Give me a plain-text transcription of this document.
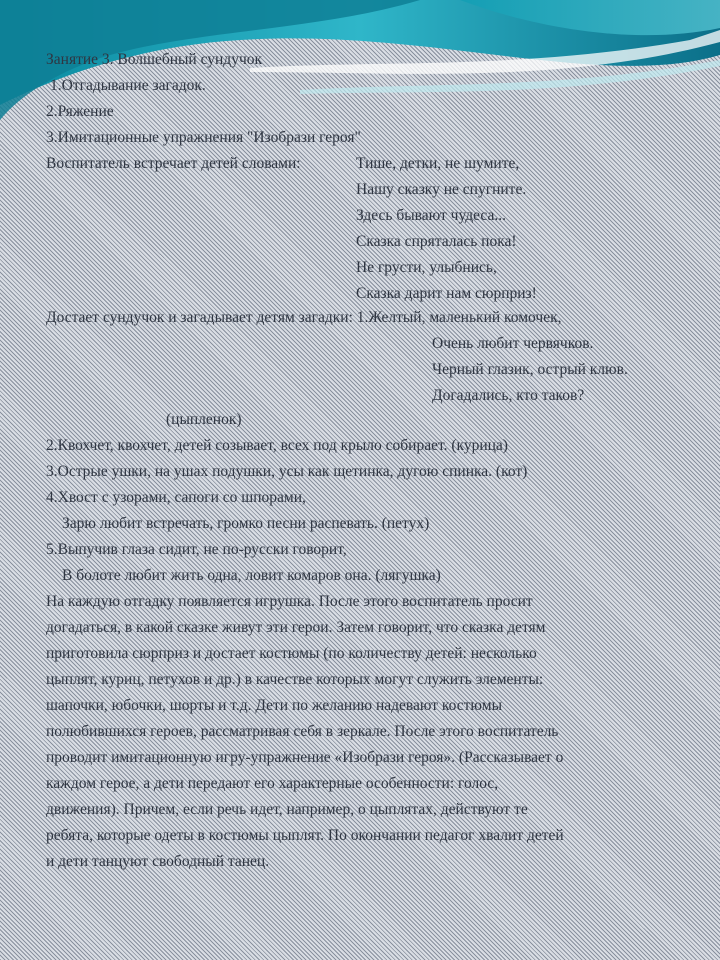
Занятие 3. Волшебный сундучок
1.Отгадывание загадок.
2.Ряжение
3.Имитационные упражнения "Изобрази героя"
Воспитатель встречает детей словами:	Тише, детки, не шумите,
Нашу сказку не спугните.
Здесь бывают чудеса...
Сказка спряталась пока!
Не грусти, улыбнись,
Сказка дарит нам сюрприз!
Достает сундучок и загадывает детям загадки: 1.Желтый, маленький комочек,
Очень любит червячков.
Черный глазик, острый клюв.
Догадались, кто таков?
(цыпленок)
2.Квохчет, квохчет, детей созывает, всех под крыло собирает. (курица)
3.Острые ушки, на ушах подушки, усы как щетинка, дугою спинка. (кот)
4.Хвост с узорами, сапоги со шпорами,
Зарю любит встречать, громко песни распевать. (петух)
5.Выпучив глаза сидит, не по-русски говорит,
В болоте любит жить одна, ловит комаров она. (лягушка)
На каждую отгадку появляется игрушка. После этого воспитатель просит
догадаться, в какой сказке живут эти герои. Затем говорит, что сказка детям
приготовила сюрприз и достает костюмы (по количеству детей: несколько
цыплят, куриц, петухов и др.) в качестве которых могут служить элементы:
шапочки, юбочки, шорты и т.д. Дети по желанию надевают костюмы
полюбившихся героев, рассматривая себя в зеркале. После этого воспитатель
проводит имитационную игру-упражнение «Изобрази героя». (Рассказывает о
каждом герое, а дети передают его характерные особенности: голос,
движения). Причем, если речь идет, например, о цыплятах, действуют те
ребята, которые одеты в костюмы цыплят. По окончании педагог хвалит детей
и дети танцуют свободный танец.
